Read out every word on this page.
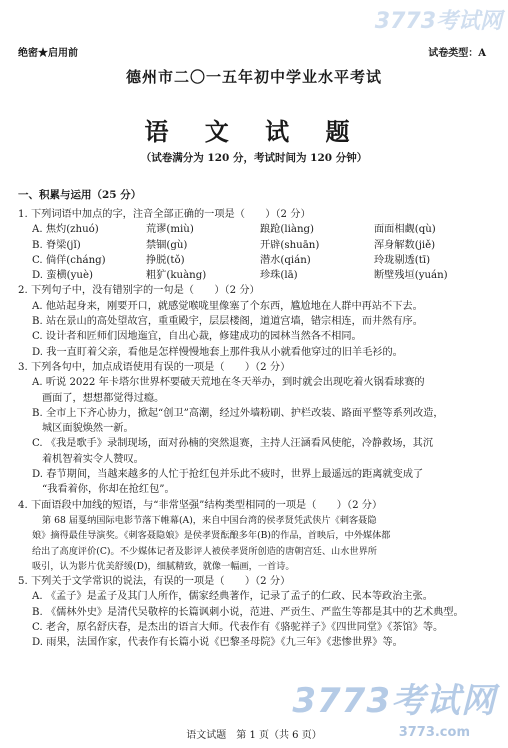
绝密★启用前	试卷类型：A
德州市二〇一五年初中学业水平考试
语 文 试 题
（试卷满分为 120 分，考试时间为 120 分钟）
一、积累与运用（25 分）
1. 下列词语中加点的字，注音全部正确的一项是（　　）（2 分）
A. 焦灼(zhuó)	荒谬(miù)	踉跄(liàng)	面面相觑(qù)
B. 脊梁(jǐ)	禁锢(gù)	开辟(shuān)	浑身解数(jiě)
C. 倘佯(cháng)	挣脱(tǒ)	潜水(qián)	玲珑剔透(tī)
D. 蛮横(yuè)	粗犷(kuàng)	珍珠(lā)	断壁残垣(yuán)
2. 下列句子中，没有错别字的一句是（　　）（2 分）
A. 他站起身来，刚要开口，就感觉喉咙里像塞了个东西，尴尬地在人群中再站不下去。
B. 站在景山的高处望故宫，重重殿宇，层层楼阁，道道宫墙，错宗相连，而井然有序。
C. 设计者和匠师们因地迤宜，自出心裁，修建成功的园林当然各不相同。
D. 我一直盯着父亲，看他是怎样慢慢地套上那件我从小就看他穿过的旧羊毛衫的。
3. 下列各句中，加点成语使用有误的一项是（　　）（2 分）
A. 听说 2022 年卡塔尔世界杯要破天荒地在冬天举办，到时就会出现吃着火锅看球赛的
画面了，想想都觉得过瘾。
B. 全市上下齐心协力，掀起“创卫”高潮，经过外墙粉刷、护栏改装、路面平整等系列改造，
城区面貌焕然一新。
C. 《我是歌手》录制现场，面对孙楠的突然退赛，主持人汪涵看风使舵，冷静救场，其沉
着机智着实令人赞叹。
D. 春节期间，当越来越多的人忙于抢红包并乐此不疲时，世界上最遥远的距离就变成了
“我看着你，你却在抢红包”。
4. 下面语段中加线的短语，与“非常坚强”结构类型相同的一项是（　　）（2 分）
第 68 届戛纳国际电影节落下帷幕(A)，来自中国台湾的侯孝贤凭武侠片《刺客聂隐
娘》摘得最佳导演奖。《刺客聂隐娘》是侯孝贤酝酿多年(B)的作品，首映后，中外媒体都
给出了高度评价(C)。不少媒体记者及影评人被侯孝贤所创造的唐朝宫廷、山水世界所
吸引，认为影片优美舒缓(D)，细腻精致，就像一幅画，一首诗。
5. 下列关于文学常识的说法，有误的一项是（　　）（2 分）
A. 《孟子》是孟子及其门人所作，儒家经典著作，记录了孟子的仁政、民本等政治主张。
B. 《儒林外史》是清代吴敬梓的长篇讽刺小说，范进、严贡生、严监生等都是其中的艺术典型。
C. 老舍，原名舒庆春，是杰出的语言大师。代表作有《骆驼祥子》《四世同堂》《茶馆》等。
D. 雨果，法国作家，代表作有长篇小说《巴黎圣母院》《九三年》《悲惨世界》等。
语文试题　第 1 页（共 6 页）
3773考试网
3773考试网
3773.com
